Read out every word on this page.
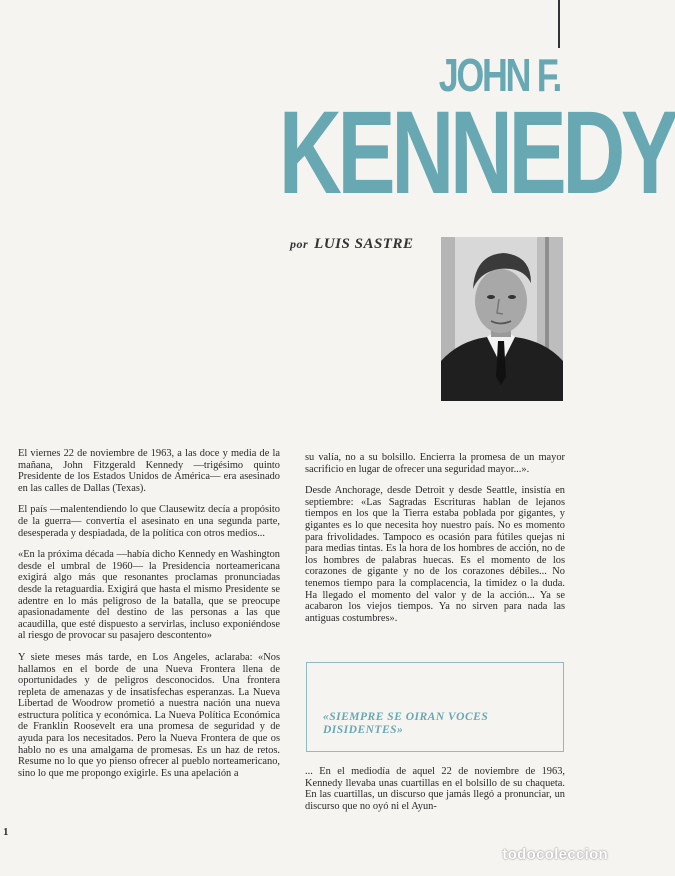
JOHN F.
KENNEDY
por LUIS SASTRE

El viernes 22 de noviembre de 1963, a las doce y media de la mañana, John Fitzgerald Kennedy —trigésimo quinto Presidente de los Estados Unidos de América— era asesinado en las calles de Dallas (Texas).

El país —malentendiendo lo que Clausewitz decía a propósito de la guerra— convertía el asesinato en una segunda parte, desesperada y despiadada, de la política con otros medios...

«En la próxima década —había dicho Kennedy en Washington desde el umbral de 1960— la Presidencia norteamericana exigirá algo más que resonantes proclamas pronunciadas desde la retaguardia. Exigirá que hasta el mismo Presidente se adentre en lo más peligroso de la batalla, que se preocupe apasionadamente del destino de las personas a las que acaudilla, que esté dispuesto a servirlas, incluso exponiéndose al riesgo de provocar su pasajero descontento»

Y siete meses más tarde, en Los Angeles, aclaraba: «Nos hallamos en el borde de una Nueva Frontera llena de oportunidades y de peligros desconocidos. Una frontera repleta de amenazas y de insatisfechas esperanzas. La Nueva Libertad de Woodrow prometió a nuestra nación una nueva estructura política y económica. La Nueva Política Económica de Franklin Roosevelt era una promesa de seguridad y de ayuda para los necesitados. Pero la Nueva Frontera de que os hablo no es una amalgama de promesas. Es un haz de retos. Resume no lo que yo pienso ofrecer al pueblo norteamericano, sino lo que me propongo exigirle. Es una apelación a

su valía, no a su bolsillo. Encierra la promesa de un mayor sacrificio en lugar de ofrecer una seguridad mayor...».

Desde Anchorage, desde Detroit y desde Seattle, insistía en septiembre: «Las Sagradas Escrituras hablan de lejanos tiempos en los que la Tierra estaba poblada por gigantes, y gigantes es lo que necesita hoy nuestro país. No es momento para frivolidades. Tampoco es ocasión para fútiles quejas ni para medias tintas. Es la hora de los hombres de acción, no de los hombres de palabras huecas. Es el momento de los corazones de gigante y no de los corazones débiles... No tenemos tiempo para la complacencia, la timidez o la duda. Ha llegado el momento del valor y de la acción... Ya se acabaron los viejos tiempos. Ya no sirven para nada las antiguas costumbres».

«SIEMPRE SE OIRAN VOCES DISIDENTES»

... En el mediodía de aquel 22 de noviembre de 1963, Kennedy llevaba unas cuartillas en el bolsillo de su chaqueta. En las cuartillas, un discurso que jamás llegó a pronunciar, un discurso que no oyó ni el Ayun-

1
todocoleccion
